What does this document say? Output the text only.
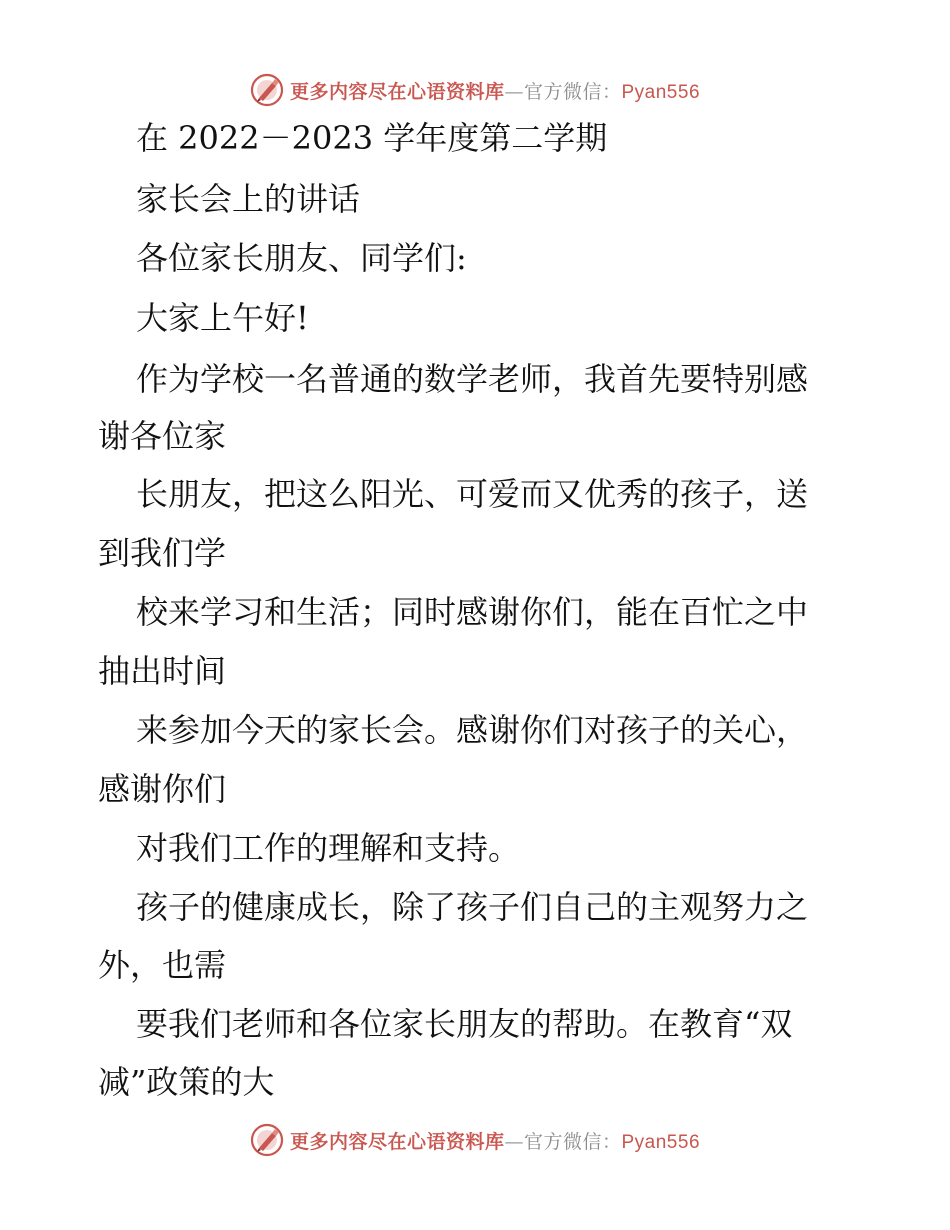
更多内容尽在心语资料库—官方微信：Pyan556
在 2022－2023 学年度第二学期
家长会上的讲话
各位家长朋友、同学们:
大家上午好!
作为学校一名普通的数学老师，我首先要特别感
谢各位家
长朋友，把这么阳光、可爱而又优秀的孩子，送
到我们学
校来学习和生活；同时感谢你们，能在百忙之中
抽出时间
来参加今天的家长会。感谢你们对孩子的关心，
感谢你们
对我们工作的理解和支持。
孩子的健康成长，除了孩子们自己的主观努力之
外，也需
要我们老师和各位家长朋友的帮助。在教育“双
减”政策的大
更多内容尽在心语资料库—官方微信：Pyan556
